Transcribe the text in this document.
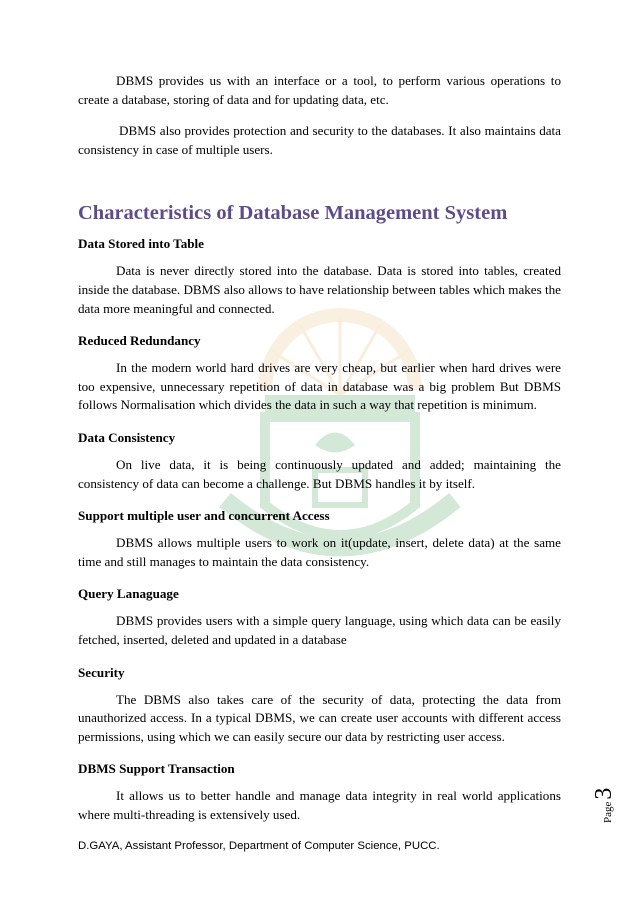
DBMS provides us with an interface or a tool, to perform various operations to create a database, storing of data and for updating data, etc.

DBMS also provides protection and security to the databases. It also maintains data consistency in case of multiple users.

Characteristics of Database Management System
Data Stored into Table

Data is never directly stored into the database. Data is stored into tables, created inside the database. DBMS also allows to have relationship between tables which makes the data more meaningful and connected.

Reduced Redundancy

In the modern world hard drives are very cheap, but earlier when hard drives were too expensive, unnecessary repetition of data in database was a big problem But DBMS follows Normalisation which divides the data in such a way that repetition is minimum.

Data Consistency

On live data, it is being continuously updated and added; maintaining the consistency of data can become a challenge. But DBMS handles it by itself.

Support multiple user and concurrent Access

DBMS allows multiple users to work on it(update, insert, delete data) at the same time and still manages to maintain the data consistency.

Query Lanaguage

DBMS provides users with a simple query language, using which data can be easily fetched, inserted, deleted and updated in a database

Security

The DBMS also takes care of the security of data, protecting the data from unauthorized access. In a typical DBMS, we can create user accounts with different access permissions, using which we can easily secure our data by restricting user access.

DBMS Support Transaction

It allows us to better handle and manage data integrity in real world applications where multi-threading is extensively used.	Page3
D.GAYA, Assistant Professor, Department of Computer Science, PUCC.
